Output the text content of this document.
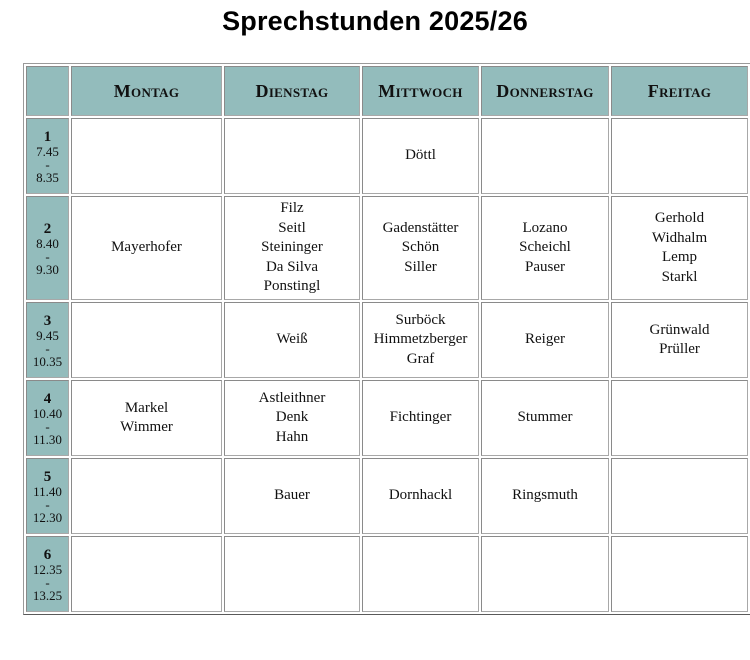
Sprechstunden 2025/26
	Montag	Dienstag	Mittwoch	Donnerstag	Freitag

1
7.45
-
8.35			Döttl		

2
8.40
-
9.30	Mayerhofer	Filz
Seitl
Steininger
Da Silva
Ponstingl	Gadenstätter
Schön
Siller	Lozano
Scheichl
Pauser	Gerhold
Widhalm
Lemp
Starkl

3
9.45
-
10.35		Weiß	Surböck
Himmetzberger
Graf	Reiger	Grünwald
Prüller

4
10.40
-
11.30	Markel
Wimmer	Astleithner
Denk
Hahn	Fichtinger	Stummer	

5
11.40
-
12.30		Bauer	Dornhackl	Ringsmuth	

6
12.35
-
13.25					
